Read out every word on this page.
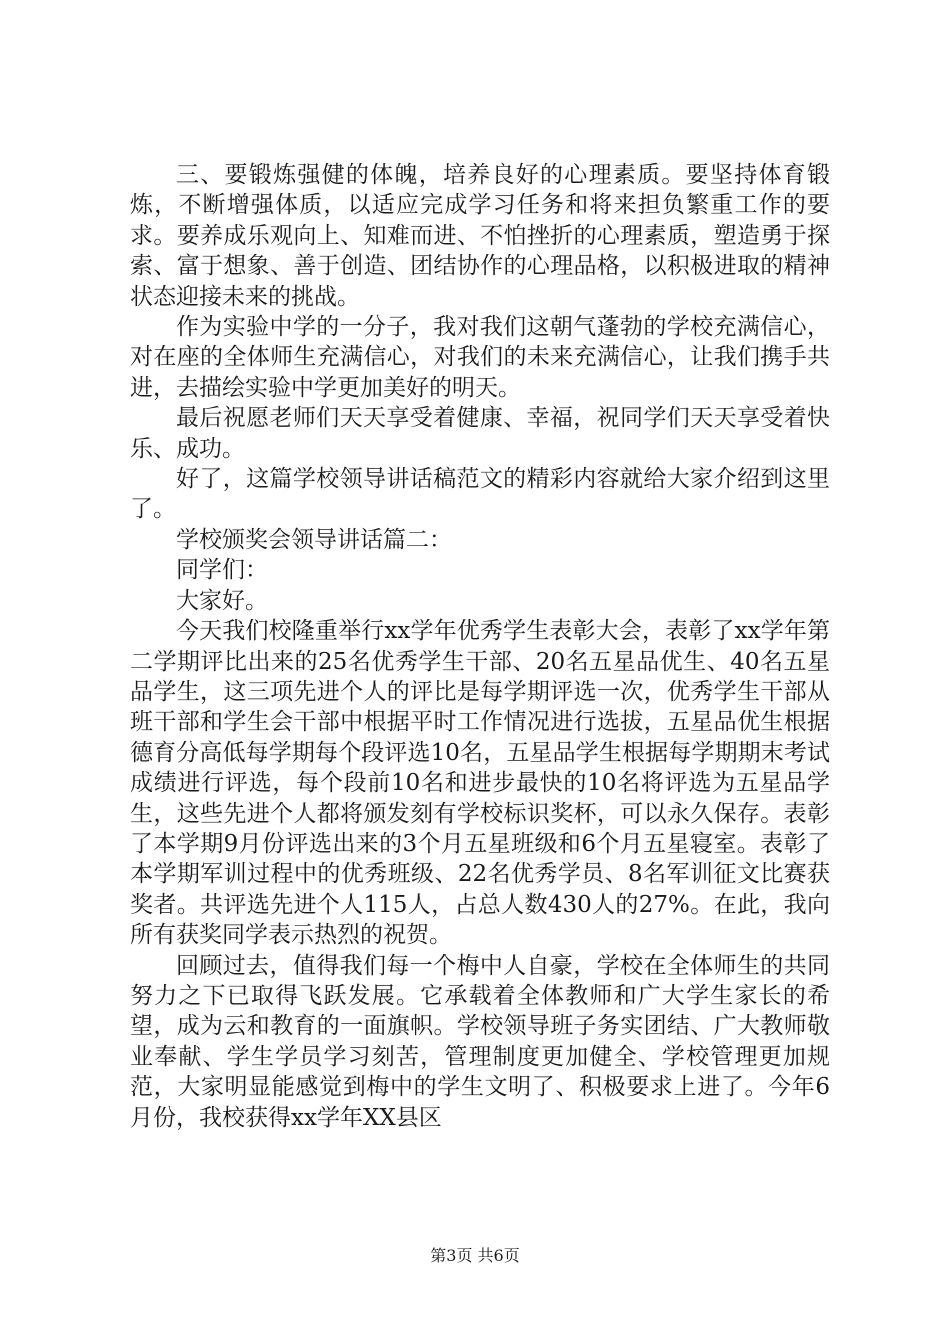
三、要锻炼强健的体魄，培养良好的心理素质。要坚持体育锻炼，不断增强体质，以适应完成学习任务和将来担负繁重工作的要求。要养成乐观向上、知难而进、不怕挫折的心理素质，塑造勇于探索、富于想象、善于创造、团结协作的心理品格，以积极进取的精神状态迎接未来的挑战。

作为实验中学的一分子，我对我们这朝气蓬勃的学校充满信心，对在座的全体师生充满信心，对我们的未来充满信心，让我们携手共进，去描绘实验中学更加美好的明天。

最后祝愿老师们天天享受着健康、幸福，祝同学们天天享受着快乐、成功。

好了，这篇学校领导讲话稿范文的精彩内容就给大家介绍到这里了。

学校颁奖会领导讲话篇二：

同学们：

大家好。

今天我们校隆重举行xx学年优秀学生表彰大会，表彰了xx学年第二学期评比出来的25名优秀学生干部、20名五星品优生、40名五星品学生，这三项先进个人的评比是每学期评选一次，优秀学生干部从班干部和学生会干部中根据平时工作情况进行选拔，五星品优生根据德育分高低每学期每个段评选10名，五星品学生根据每学期期末考试成绩进行评选，每个段前10名和进步最快的10名将评选为五星品学生，这些先进个人都将颁发刻有学校标识奖杯，可以永久保存。表彰了本学期9月份评选出来的3个月五星班级和6个月五星寝室。表彰了本学期军训过程中的优秀班级、22名优秀学员、8名军训征文比赛获奖者。共评选先进个人115人，占总人数430人的27%。在此，我向所有获奖同学表示热烈的祝贺。

回顾过去，值得我们每一个梅中人自豪，学校在全体师生的共同努力之下已取得飞跃发展。它承载着全体教师和广大学生家长的希望，成为云和教育的一面旗帜。学校领导班子务实团结、广大教师敬业奉献、学生学员学习刻苦，管理制度更加健全、学校管理更加规范，大家明显能感觉到梅中的学生文明了、积极要求上进了。今年6月份，我校获得xx学年XX县区

第3页 共6页
